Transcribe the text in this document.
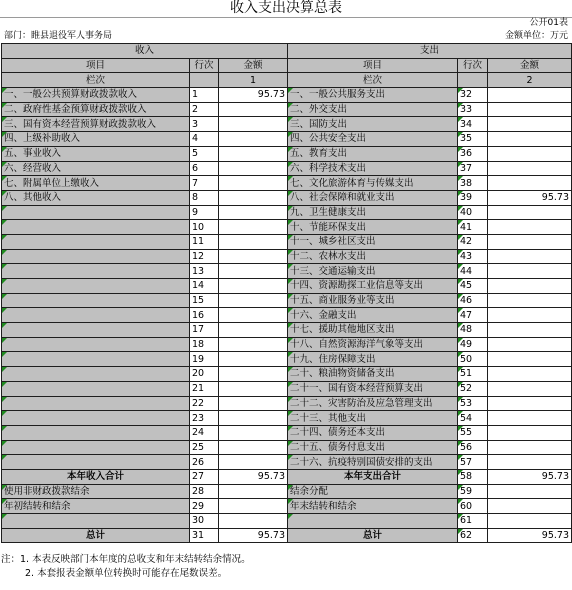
收入支出决算总表
公开01表
部门：睢县退役军人事务局	金额单位：万元
收入			支出		
项目	行次	金额	项目	行次	金额
栏次		1	栏次		2
一、一般公共预算财政拨款收入	1	95.73	一、一般公共服务支出	32	
二、政府性基金预算财政拨款收入	2		二、外交支出	33	
三、国有资本经营预算财政拨款收入	3		三、国防支出	34	
四、上级补助收入	4		四、公共安全支出	35	
五、事业收入	5		五、教育支出	36	
六、经营收入	6		六、科学技术支出	37	
七、附属单位上缴收入	7		七、文化旅游体育与传媒支出	38	
八、其他收入	8		八、社会保障和就业支出	39	95.73
	9		九、卫生健康支出	40	
	10		十、节能环保支出	41	
	11		十一、城乡社区支出	42	
	12		十二、农林水支出	43	
	13		十三、交通运输支出	44	
	14		十四、资源勘探工业信息等支出	45	
	15		十五、商业服务业等支出	46	
	16		十六、金融支出	47	
	17		十七、援助其他地区支出	48	
	18		十八、自然资源海洋气象等支出	49	
	19		十九、住房保障支出	50	
	20		二十、粮油物资储备支出	51	
	21		二十一、国有资本经营预算支出	52	
	22		二十二、灾害防治及应急管理支出	53	
	23		二十三、其他支出	54	
	24		二十四、债务还本支出	55	
	25		二十五、债务付息支出	56	
	26		二十六、抗疫特别国债安排的支出	57	
本年收入合计	27	95.73	本年支出合计	58	95.73
使用非财政拨款结余	28		结余分配	59	
年初结转和结余	29		年末结转和结余	60	
	30			61	
总计	31	95.73	总计	62	95.73
注：1. 本表反映部门本年度的总收支和年末结转结余情况。
2. 本套报表金额单位转换时可能存在尾数误差。
